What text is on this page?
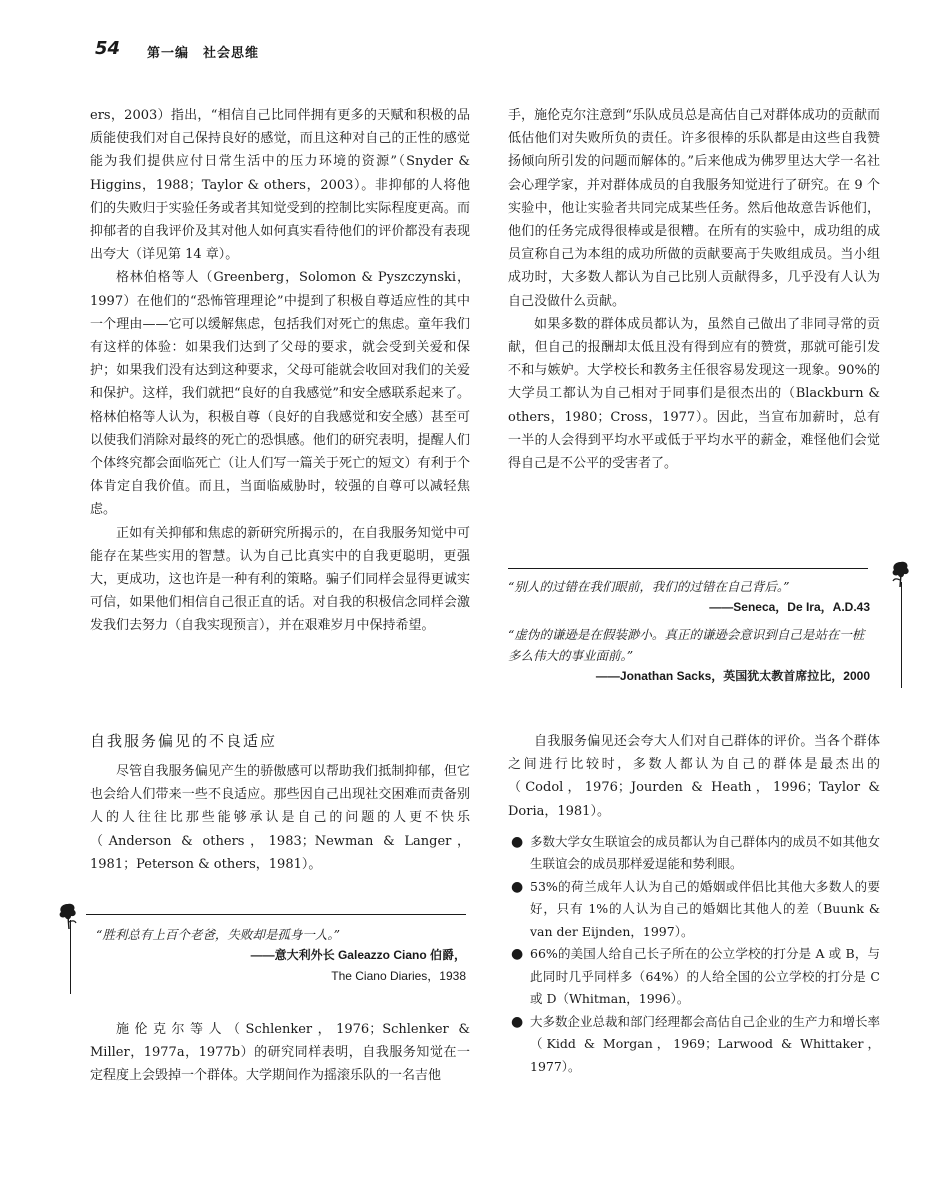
54 第一编　社会思维

ers，2003）指出，“相信自己比同伴拥有更多的天赋和积极的品质能使我们对自己保持良好的感觉，而且这种对自己的正性的感觉能为我们提供应付日常生活中的压力环境的资源”（Snyder & Higgins，1988；Taylor & others，2003）。非抑郁的人将他们的失败归于实验任务或者其知觉受到的控制比实际程度更高。而抑郁者的自我评价及其对他人如何真实看待他们的评价都没有表现出夸大（详见第 14 章）。

格林伯格等人（Greenberg，Solomon & Pyszczynski，1997）在他们的“恐怖管理理论”中提到了积极自尊适应性的其中一个理由——它可以缓解焦虑，包括我们对死亡的焦虑。童年我们有这样的体验：如果我们达到了父母的要求，就会受到关爱和保护；如果我们没有达到这种要求，父母可能就会收回对我们的关爱和保护。这样，我们就把“良好的自我感觉”和安全感联系起来了。格林伯格等人认为，积极自尊（良好的自我感觉和安全感）甚至可以使我们消除对最终的死亡的恐惧感。他们的研究表明，提醒人们个体终究都会面临死亡（让人们写一篇关于死亡的短文）有利于个体肯定自我价值。而且，当面临威胁时，较强的自尊可以减轻焦虑。

正如有关抑郁和焦虑的新研究所揭示的，在自我服务知觉中可能存在某些实用的智慧。认为自己比真实中的自我更聪明，更强大，更成功，这也许是一种有利的策略。骗子们同样会显得更诚实可信，如果他们相信自己很正直的话。对自我的积极信念同样会激发我们去努力（自我实现预言），并在艰难岁月中保持希望。

自我服务偏见的不良适应

尽管自我服务偏见产生的骄傲感可以帮助我们抵制抑郁，但它也会给人们带来一些不良适应。那些因自己出现社交困难而责备别人的人往往比那些能够承认是自己的问题的人更不快乐（Anderson & others，1983；Newman & Langer，1981；Peterson & others，1981）。

“胜利总有上百个老爸，失败却是孤身一人。”
——意大利外长 Galeazzo Ciano 伯爵，
The Ciano Diaries，1938

施伦克尔等人（Schlenker，1976；Schlenker & Miller，1977a，1977b）的研究同样表明，自我服务知觉在一定程度上会毁掉一个群体。大学期间作为摇滚乐队的一名吉他

手，施伦克尔注意到“乐队成员总是高估自己对群体成功的贡献而低估他们对失败所负的责任。许多很棒的乐队都是由这些自我赞扬倾向所引发的问题而解体的。”后来他成为佛罗里达大学一名社会心理学家，并对群体成员的自我服务知觉进行了研究。在 9 个实验中，他让实验者共同完成某些任务。然后他故意告诉他们，他们的任务完成得很棒或是很糟。在所有的实验中，成功组的成员宣称自己为本组的成功所做的贡献要高于失败组成员。当小组成功时，大多数人都认为自己比别人贡献得多，几乎没有人认为自己没做什么贡献。

如果多数的群体成员都认为，虽然自己做出了非同寻常的贡献，但自己的报酬却太低且没有得到应有的赞赏，那就可能引发不和与嫉妒。大学校长和教务主任很容易发现这一现象。90%的大学员工都认为自己相对于同事们是很杰出的（Blackburn & others，1980；Cross，1977）。因此，当宣布加薪时，总有一半的人会得到平均水平或低于平均水平的薪金，难怪他们会觉得自己是不公平的受害者了。

“别人的过错在我们眼前，我们的过错在自己背后。”
——Seneca，De Ira，A.D.43
“虚伪的谦逊是在假装渺小。真正的谦逊会意识到自己是站在一桩多么伟大的事业面前。”
——Jonathan Sacks，英国犹太教首席拉比，2000

自我服务偏见还会夸大人们对自己群体的评价。当各个群体之间进行比较时，多数人都认为自己的群体是最杰出的（Codol，1976；Jourden & Heath，1996；Taylor & Doria，1981）。

● 多数大学女生联谊会的成员都认为自己群体内的成员不如其他女生联谊会的成员那样爱逞能和势利眼。
● 53%的荷兰成年人认为自己的婚姻或伴侣比其他大多数人的要好，只有 1%的人认为自己的婚姻比其他人的差（Buunk & van der Eijnden，1997）。
● 66%的美国人给自己长子所在的公立学校的打分是 A 或 B，与此同时几乎同样多（64%）的人给全国的公立学校的打分是 C 或 D（Whitman，1996）。
● 大多数企业总裁和部门经理都会高估自己企业的生产力和增长率（Kidd & Morgan，1969；Larwood & Whittaker，1977）。
